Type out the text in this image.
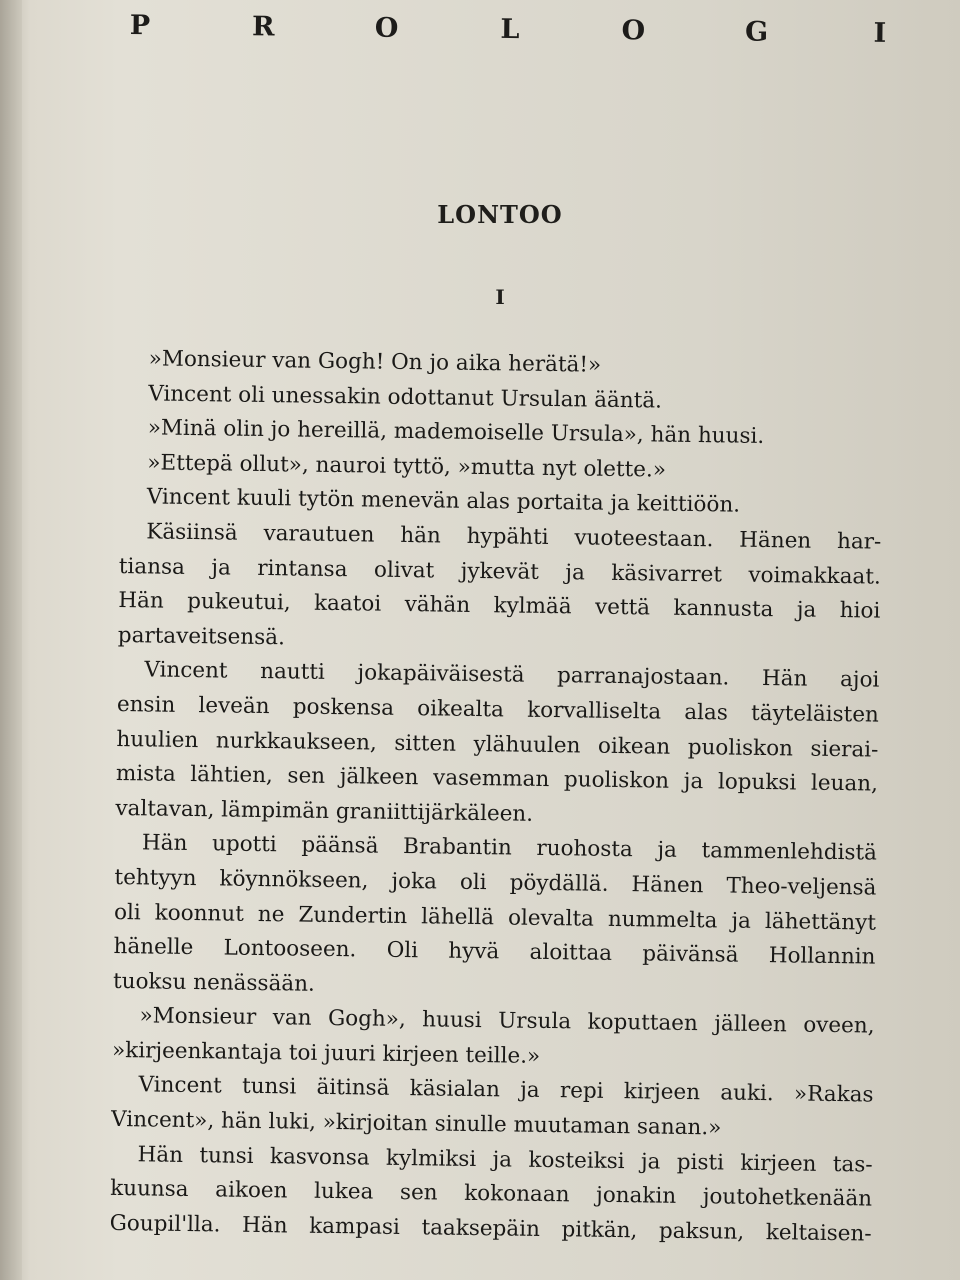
P	R	O	L	O	G	I
LONTOO
I
»Monsieur van Gogh! On jo aika herätä!»
Vincent oli unessakin odottanut Ursulan ääntä.
»Minä olin jo hereillä, mademoiselle Ursula», hän huusi.
»Ettepä ollut», nauroi tyttö, »mutta nyt olette.»
Vincent kuuli tytön menevän alas portaita ja keittiöön.
Käsiinsä varautuen hän hypähti vuoteestaan. Hänen har-
tiansa ja rintansa olivat jykevät ja käsivarret voimakkaat.
Hän pukeutui, kaatoi vähän kylmää vettä kannusta ja hioi
partaveitsensä.
Vincent nautti jokapäiväisestä parranajostaan. Hän ajoi
ensin leveän poskensa oikealta korvalliselta alas täyteläisten
huulien nurkkaukseen, sitten ylähuulen oikean puoliskon sierai-
mista lähtien, sen jälkeen vasemman puoliskon ja lopuksi leuan,
valtavan, lämpimän graniittijärkäleen.
Hän upotti päänsä Brabantin ruohosta ja tammenlehdistä
tehtyyn köynnökseen, joka oli pöydällä. Hänen Theo-veljensä
oli koonnut ne Zundertin lähellä olevalta nummelta ja lähettänyt
hänelle Lontooseen. Oli hyvä aloittaa päivänsä Hollannin
tuoksu nenässään.
»Monsieur van Gogh», huusi Ursula koputtaen jälleen oveen,
»kirjeenkantaja toi juuri kirjeen teille.»
Vincent tunsi äitinsä käsialan ja repi kirjeen auki. »Rakas
Vincent», hän luki, »kirjoitan sinulle muutaman sanan.»
Hän tunsi kasvonsa kylmiksi ja kosteiksi ja pisti kirjeen tas-
kuunsa aikoen lukea sen kokonaan jonakin joutohetkenään
Goupil'lla. Hän kampasi taaksepäin pitkän, paksun, keltaisen-
